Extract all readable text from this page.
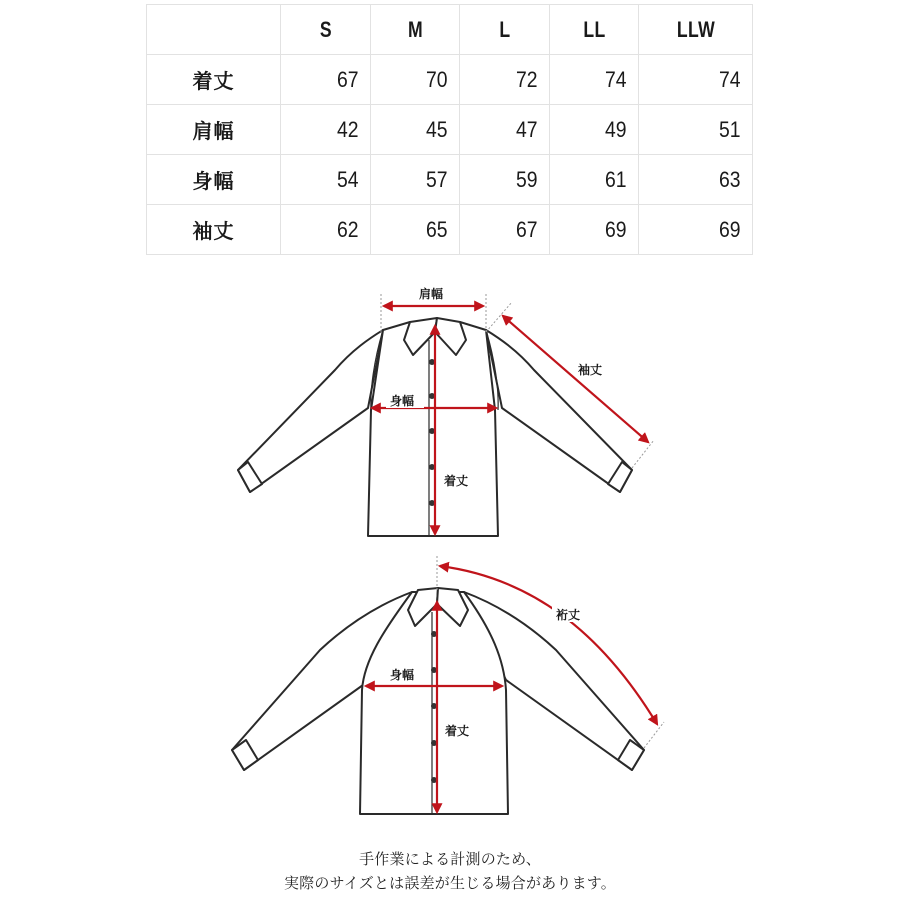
	S	M	L	LL	LLW
着丈	67	70	72	74	74
肩幅	42	45	47	49	51
身幅	54	57	59	61	63
袖丈	62	65	67	69	69
肩幅
身幅
着丈
袖丈
身幅
着丈
裄丈
手作業による計測のため、
実際のサイズとは誤差が生じる場合があります。
